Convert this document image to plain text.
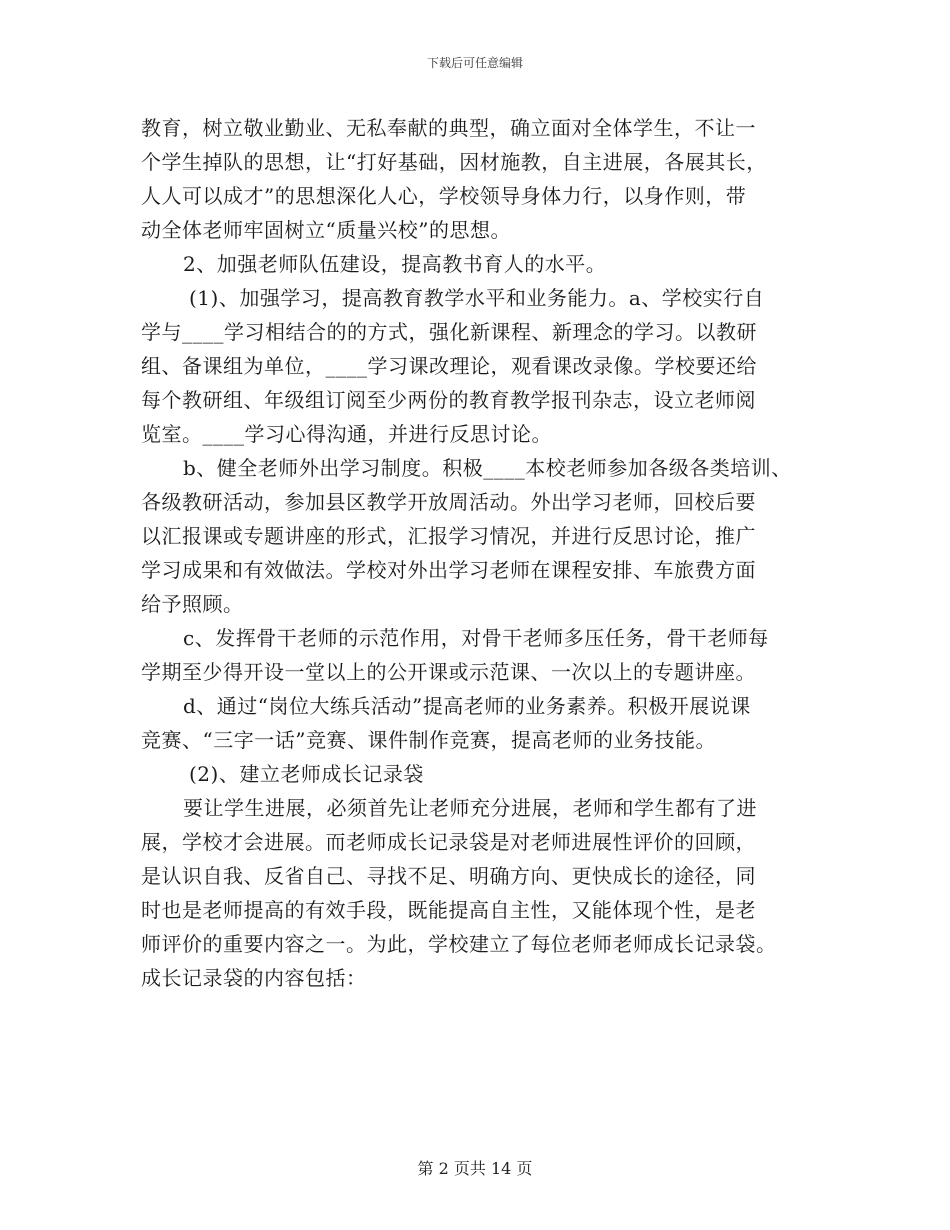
下载后可任意编辑
教育，树立敬业勤业、无私奉献的典型，确立面对全体学生，不让一
个学生掉队的思想，让“打好基础，因材施教，自主进展，各展其长，
人人可以成才”的思想深化人心，学校领导身体力行，以身作则，带
动全体老师牢固树立“质量兴校”的思想。
2、加强老师队伍建设，提高教书育人的水平。
(1)、加强学习，提高教育教学水平和业务能力。a、学校实行自
学与____学习相结合的的方式，强化新课程、新理念的学习。以教研
组、备课组为单位，____学习课改理论，观看课改录像。学校要还给
每个教研组、年级组订阅至少两份的教育教学报刊杂志，设立老师阅
览室。____学习心得沟通，并进行反思讨论。
b、健全老师外出学习制度。积极____本校老师参加各级各类培训、
各级教研活动，参加县区教学开放周活动。外出学习老师，回校后要
以汇报课或专题讲座的形式，汇报学习情况，并进行反思讨论，推广
学习成果和有效做法。学校对外出学习老师在课程安排、车旅费方面
给予照顾。
c、发挥骨干老师的示范作用，对骨干老师多压任务，骨干老师每
学期至少得开设一堂以上的公开课或示范课、一次以上的专题讲座。
d、通过“岗位大练兵活动”提高老师的业务素养。积极开展说课
竞赛、“三字一话”竞赛、课件制作竞赛，提高老师的业务技能。
(2)、建立老师成长记录袋
要让学生进展，必须首先让老师充分进展，老师和学生都有了进
展，学校才会进展。而老师成长记录袋是对老师进展性评价的回顾，
是认识自我、反省自己、寻找不足、明确方向、更快成长的途径，同
时也是老师提高的有效手段，既能提高自主性，又能体现个性，是老
师评价的重要内容之一。为此，学校建立了每位老师老师成长记录袋。
成长记录袋的内容包括：
第 2 页共 14 页
